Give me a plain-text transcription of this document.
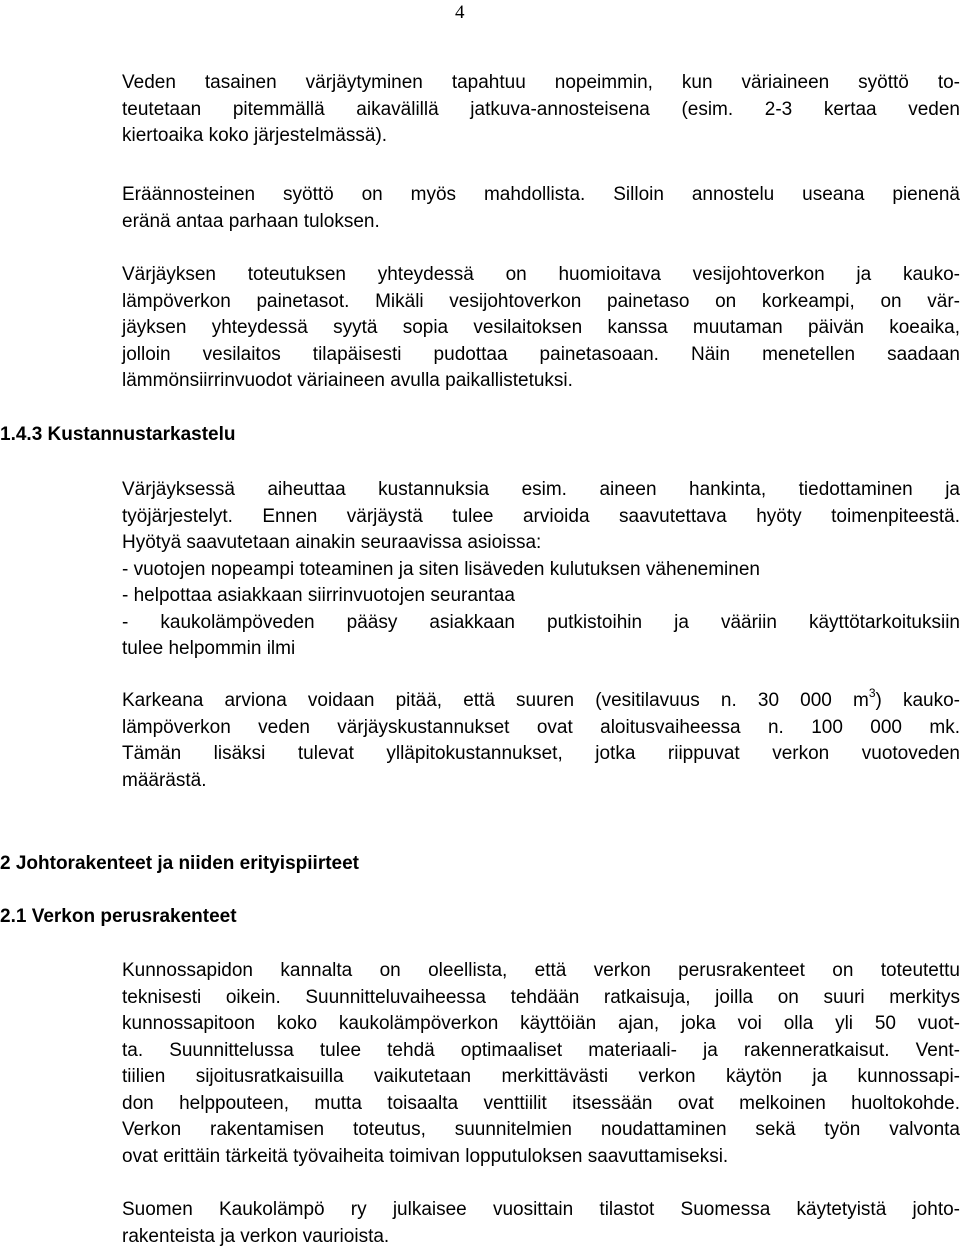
4
Veden tasainen värjäytyminen tapahtuu nopeimmin, kun väriaineen syöttö to-
teutetaan pitemmällä aikavälillä jatkuva-annosteisena (esim. 2-3 kertaa veden
kiertoaika koko järjestelmässä).
Eräännosteinen syöttö on myös mahdollista. Silloin annostelu useana pienenä
eränä antaa parhaan tuloksen.
Värjäyksen toteutuksen yhteydessä on huomioitava vesijohtoverkon ja kauko-
lämpöverkon painetasot. Mikäli vesijohtoverkon painetaso on korkeampi, on vär-
jäyksen yhteydessä syytä sopia vesilaitoksen kanssa muutaman päivän koeaika,
jolloin vesilaitos tilapäisesti pudottaa painetasoaan. Näin menetellen saadaan
lämmönsiirrinvuodot väriaineen avulla paikallistetuksi.
1.4.3 Kustannustarkastelu
Värjäyksessä aiheuttaa kustannuksia esim. aineen hankinta, tiedottaminen ja
työjärjestelyt. Ennen värjäystä tulee arvioida saavutettava hyöty toimenpiteestä.
Hyötyä saavutetaan ainakin seuraavissa asioissa:
- vuotojen nopeampi toteaminen ja siten lisäveden kulutuksen väheneminen
- helpottaa asiakkaan siirrinvuotojen seurantaa
- kaukolämpöveden pääsy asiakkaan putkistoihin ja vääriin käyttötarkoituksiin
tulee helpommin ilmi
Karkeana arviona voidaan pitää, että suuren (vesitilavuus n. 30 000 $m^3$) kauko-
lämpöverkon veden värjäyskustannukset ovat aloitusvaiheessa n. 100 000 mk.
Tämän lisäksi tulevat ylläpitokustannukset, jotka riippuvat verkon vuotoveden
määrästä.
2 Johtorakenteet ja niiden erityispiirteet
2.1 Verkon perusrakenteet
Kunnossapidon kannalta on oleellista, että verkon perusrakenteet on toteutettu
teknisesti oikein. Suunnitteluvaiheessa tehdään ratkaisuja, joilla on suuri merkitys
kunnossapitoon koko kaukolämpöverkon käyttöiän ajan, joka voi olla yli 50 vuot-
ta. Suunnittelussa tulee tehdä optimaaliset materiaali- ja rakenneratkaisut. Vent-
tiilien sijoitusratkaisuilla vaikutetaan merkittävästi verkon käytön ja kunnossapi-
don helppouteen, mutta toisaalta venttiilit itsessään ovat melkoinen huoltokohde.
Verkon rakentamisen toteutus, suunnitelmien noudattaminen sekä työn valvonta
ovat erittäin tärkeitä työvaiheita toimivan lopputuloksen saavuttamiseksi.
Suomen Kaukolämpö ry julkaisee vuosittain tilastot Suomessa käytetyistä johto-
rakenteista ja verkon vaurioista.
